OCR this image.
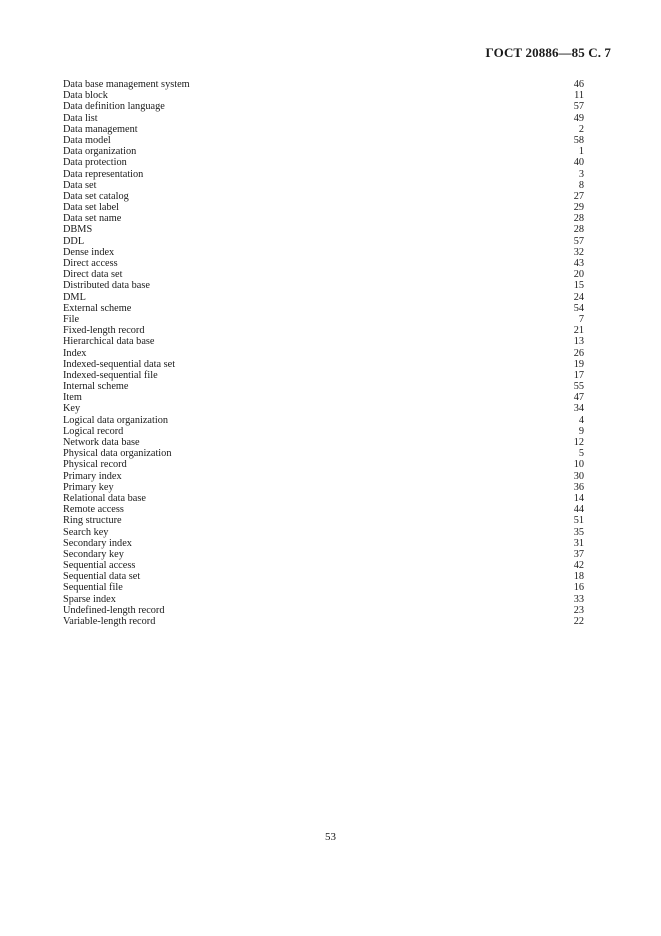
ГОСТ 20886—85 С. 7
Data base management system	46
Data block	11
Data definition language	57
Data list	49
Data management	2
Data model	58
Data organization	1
Data protection	40
Data representation	3
Data set	8
Data set catalog	27
Data set label	29
Data set name	28
DBMS	28
DDL	57
Dense index	32
Direct access	43
Direct data set	20
Distributed data base	15
DML	24
External scheme	54
File	7
Fixed-length record	21
Hierarchical data base	13
Index	26
Indexed-sequential data set	19
Indexed-sequential file	17
Internal scheme	55
Item	47
Key	34
Logical data organization	4
Logical record	9
Network data base	12
Physical data organization	5
Physical record	10
Primary index	30
Primary key	36
Relational data base	14
Remote access	44
Ring structure	51
Search key	35
Secondary index	31
Secondary key	37
Sequential access	42
Sequential data set	18
Sequential file	16
Sparse index	33
Undefined-length record	23
Variable-length record	22
53
